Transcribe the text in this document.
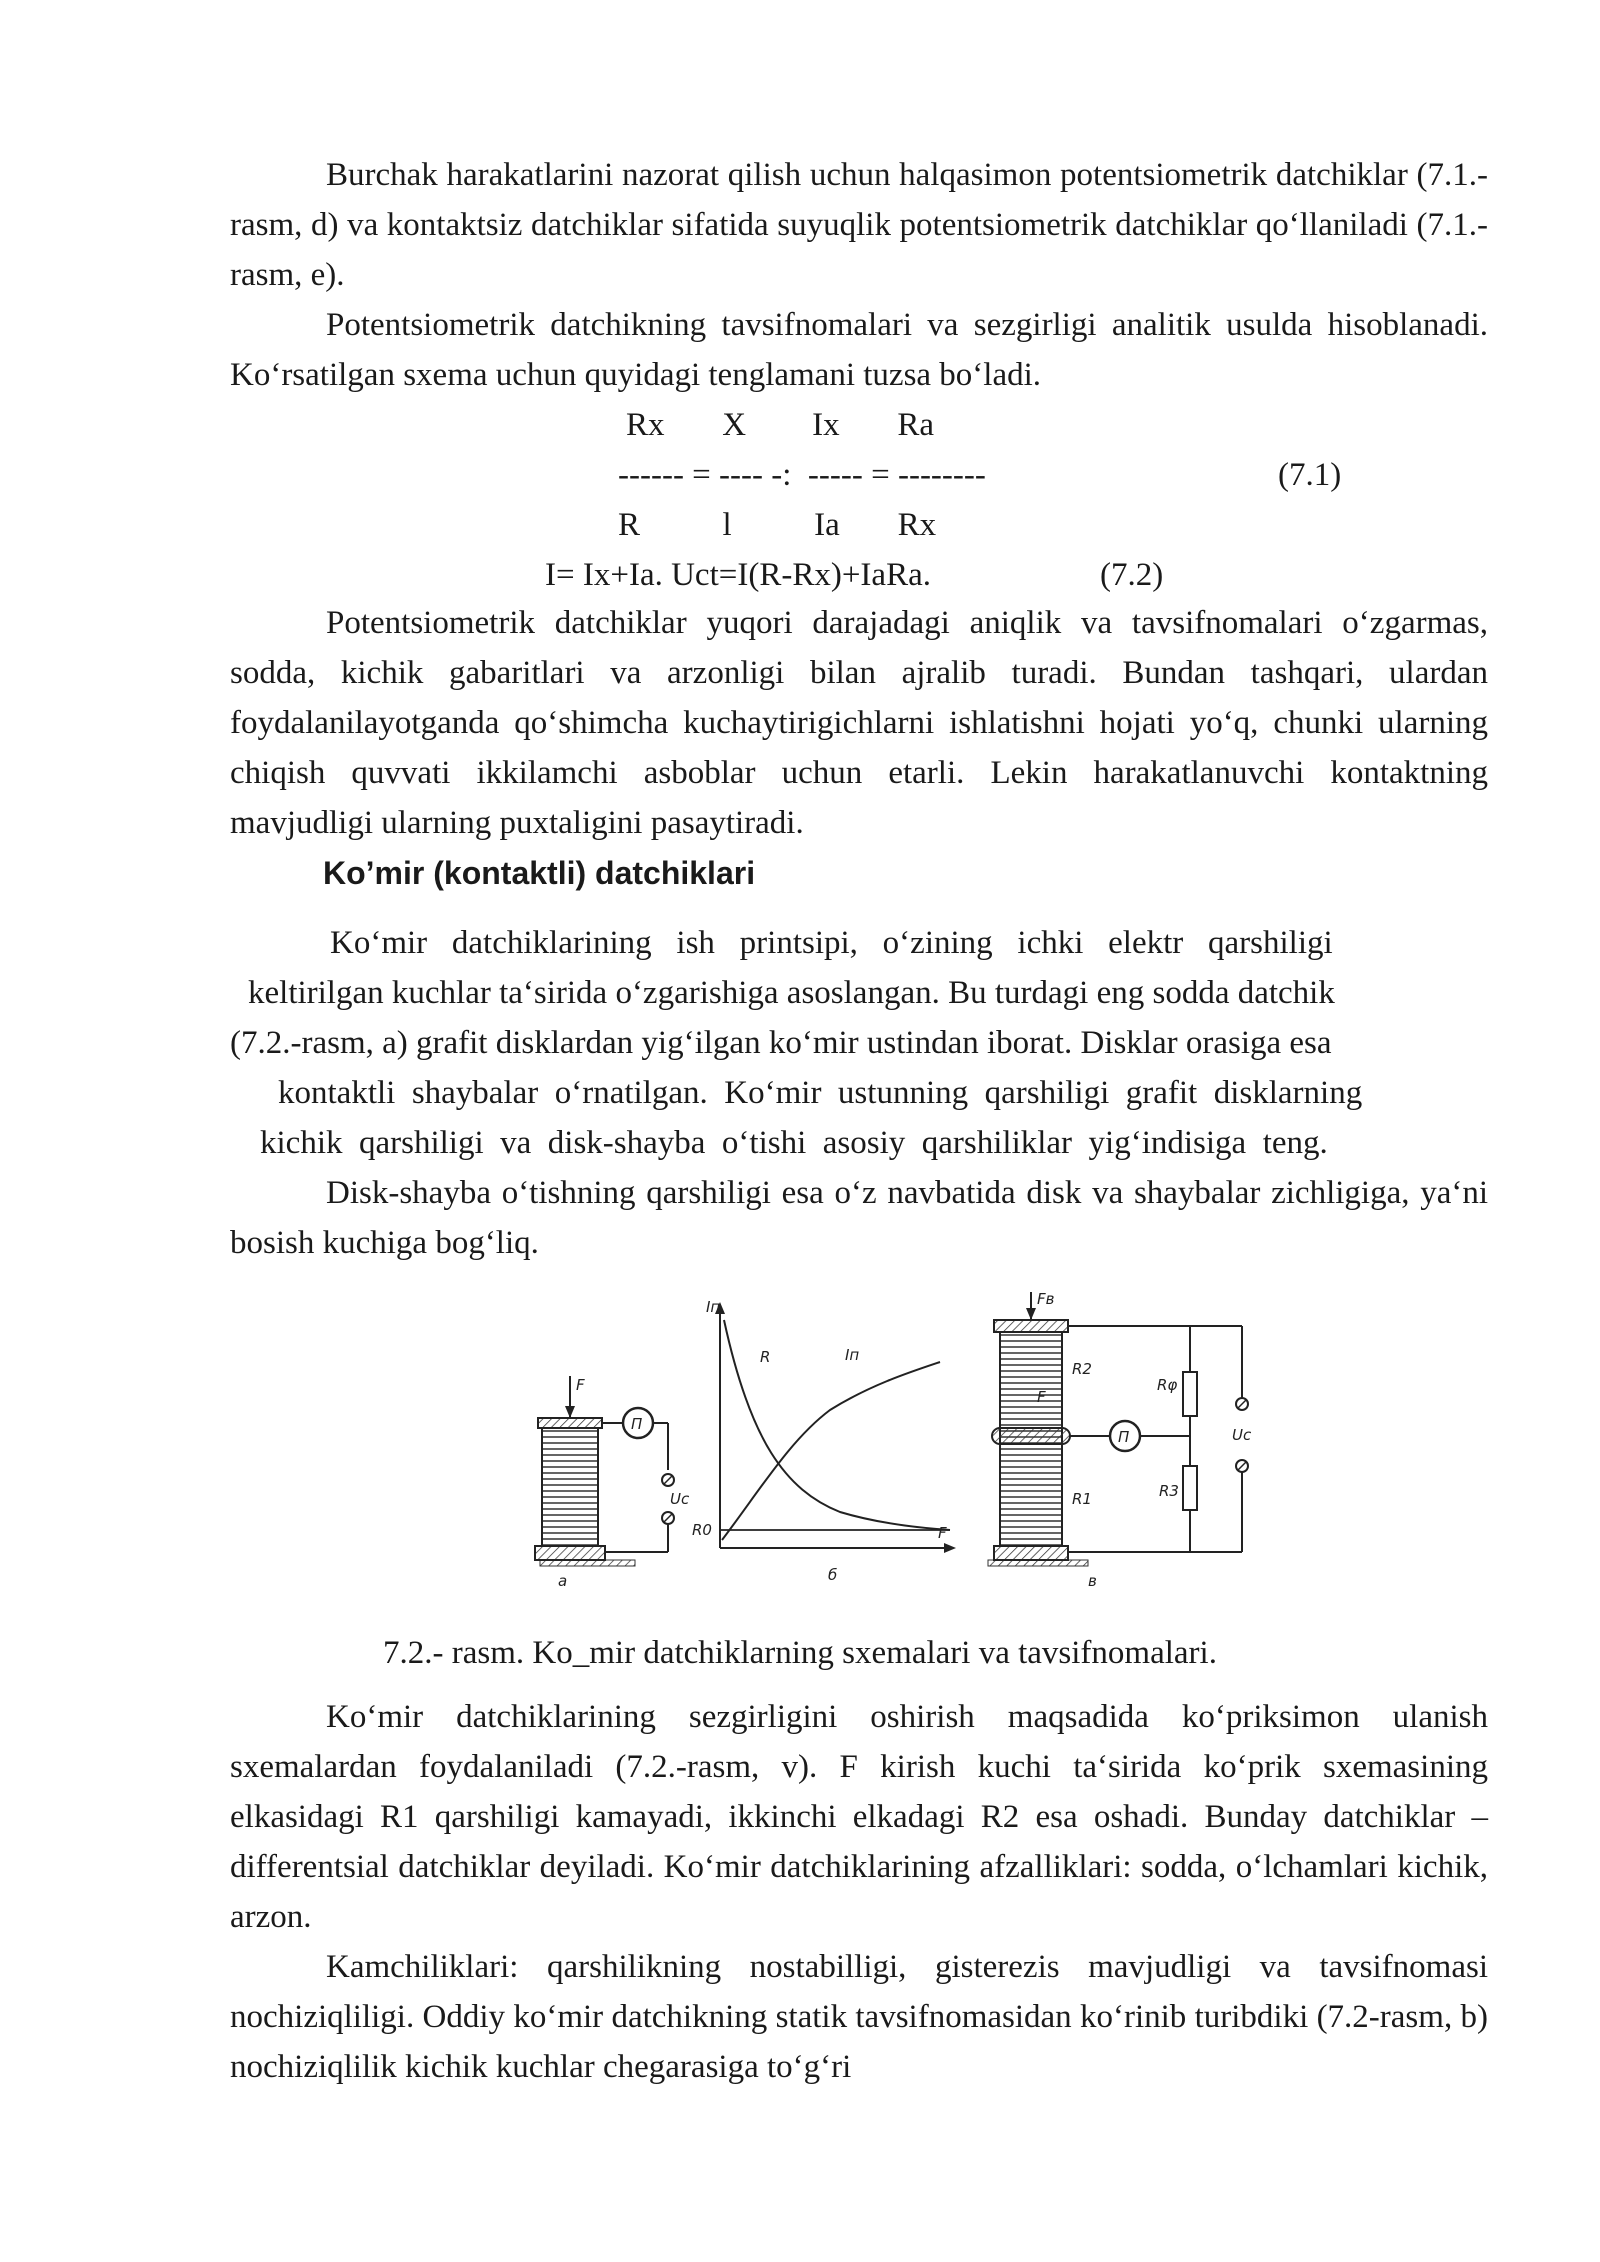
Burchak harakatlarini nazorat qilish uchun halqasimon potentsiometrik datchiklar (7.1.-rasm, d) va kontaktsiz datchiklar sifatida suyuqlik potentsiometrik datchiklar qo‘llaniladi (7.1.-rasm, e).

Potentsiometrik datchikning tavsifnomalari va sezgirligi analitik usulda hisoblanadi. Ko‘rsatilgan sxema uchun quyidagi tenglamani tuzsa bo‘ladi.

Rx       X        Ix       Ra

------ = ---- -:  ----- = --------	(7.1)

R          l          Ia       Rx

I= Ix+Ia. Uct=I(R-Rx)+IaRa.	(7.2)

Potentsiometrik datchiklar yuqori darajadagi aniqlik va tavsifnomalari o‘zgarmas, sodda, kichik gabaritlari va arzonligi bilan ajralib turadi. Bundan tashqari, ulardan foydalanilayotganda qo‘shimcha kuchaytirigichlarni ishlatishni hojati yo‘q, chunki ularning chiqish quvvati ikkilamchi asboblar uchun etarli. Lekin harakatlanuvchi kontaktning mavjudligi ularning puxtaligini pasaytiradi.

Ko’mir (kontaktli) datchiklari

Ko‘mir   datchiklarining   ish   printsipi,   o‘zining   ichki   elektr   qarshiligi

keltirilgan kuchlar ta‘sirida o‘zgarishiga asoslangan. Bu turdagi eng sodda datchik

(7.2.-rasm, a) grafit disklardan yig‘ilgan ko‘mir ustindan iborat. Disklar orasiga esa

kontaktli  shaybalar  o‘rnatilgan.  Ko‘mir  ustunning  qarshiligi  grafit  disklarning

kichik  qarshiligi  va  disk-shayba  o‘tishi  asosiy  qarshiliklar  yig‘indisiga  teng.

Disk-shayba o‘tishning qarshiligi esa o‘z navbatida disk va shaybalar zichligiga, ya‘ni bosish kuchiga bog‘liq.

F
П
Uc
a
Iп
F
R0
R	Iп
б
Fв
F
R2
R1
П
Rφ
R3
Uc
в

7.2.- rasm. Ko_mir datchiklarning sxemalari va tavsifnomalari.

Ko‘mir datchiklarining sezgirligini oshirish maqsadida ko‘priksimon ulanish sxemalardan foydalaniladi (7.2.-rasm, v). F kirish kuchi ta‘sirida ko‘prik sxemasining elkasidagi R1 qarshiligi kamayadi, ikkinchi elkadagi R2 esa oshadi. Bunday datchiklar – differentsial datchiklar deyiladi. Ko‘mir datchiklarining afzalliklari: sodda, o‘lchamlari kichik, arzon.

Kamchiliklari: qarshilikning nostabilligi, gisterezis mavjudligi va tavsifnomasi nochiziqliligi. Oddiy ko‘mir datchikning statik tavsifnomasidan ko‘rinib turibdiki (7.2-rasm, b) nochiziqlilik kichik kuchlar chegarasiga to‘g‘ri
